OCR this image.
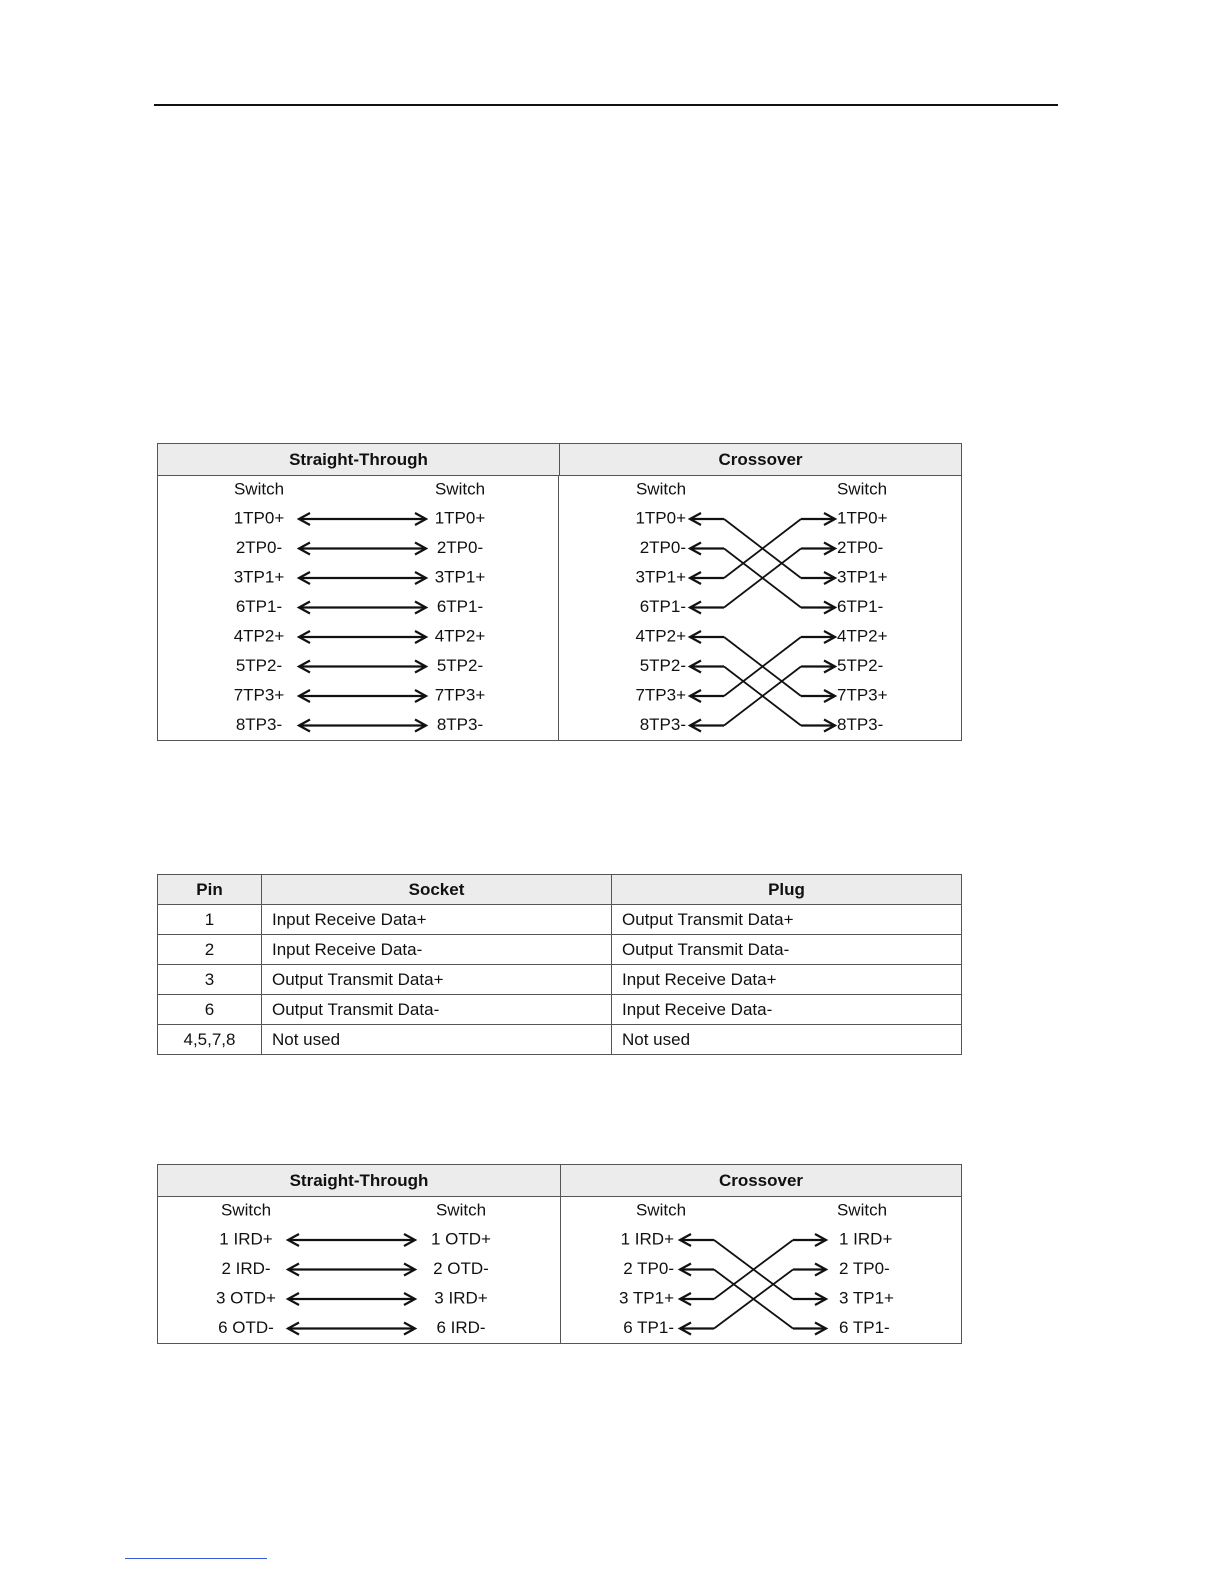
Straight-Through	Crossover
Switch	Switch	Switch	Switch
1TP0+	1TP0+
2TP0-	2TP0-
3TP1+	3TP1+
6TP1-	6TP1-
4TP2+	4TP2+
5TP2-	5TP2-
7TP3+	7TP3+
8TP3-	8TP3-
1TP0+	1TP0+
2TP0-	2TP0-
3TP1+	3TP1+
6TP1-	6TP1-
4TP2+	4TP2+
5TP2-	5TP2-
7TP3+	7TP3+
8TP3-	8TP3-
Pin	Socket	Plug
1	Input Receive Data+	Output Transmit Data+
2	Input Receive Data-	Output Transmit Data-
3	Output Transmit Data+	Input Receive Data+
6	Output Transmit Data-	Input Receive Data-
4,5,7,8	Not used	Not used
Straight-Through	Crossover
Switch	Switch	Switch	Switch
1 IRD+	1 OTD+
2 IRD-	2 OTD-
3 OTD+	3 IRD+
6 OTD-	6 IRD-
1 IRD+	1 IRD+
2 TP0-	2 TP0-
3 TP1+	3 TP1+
6 TP1-	6 TP1-
